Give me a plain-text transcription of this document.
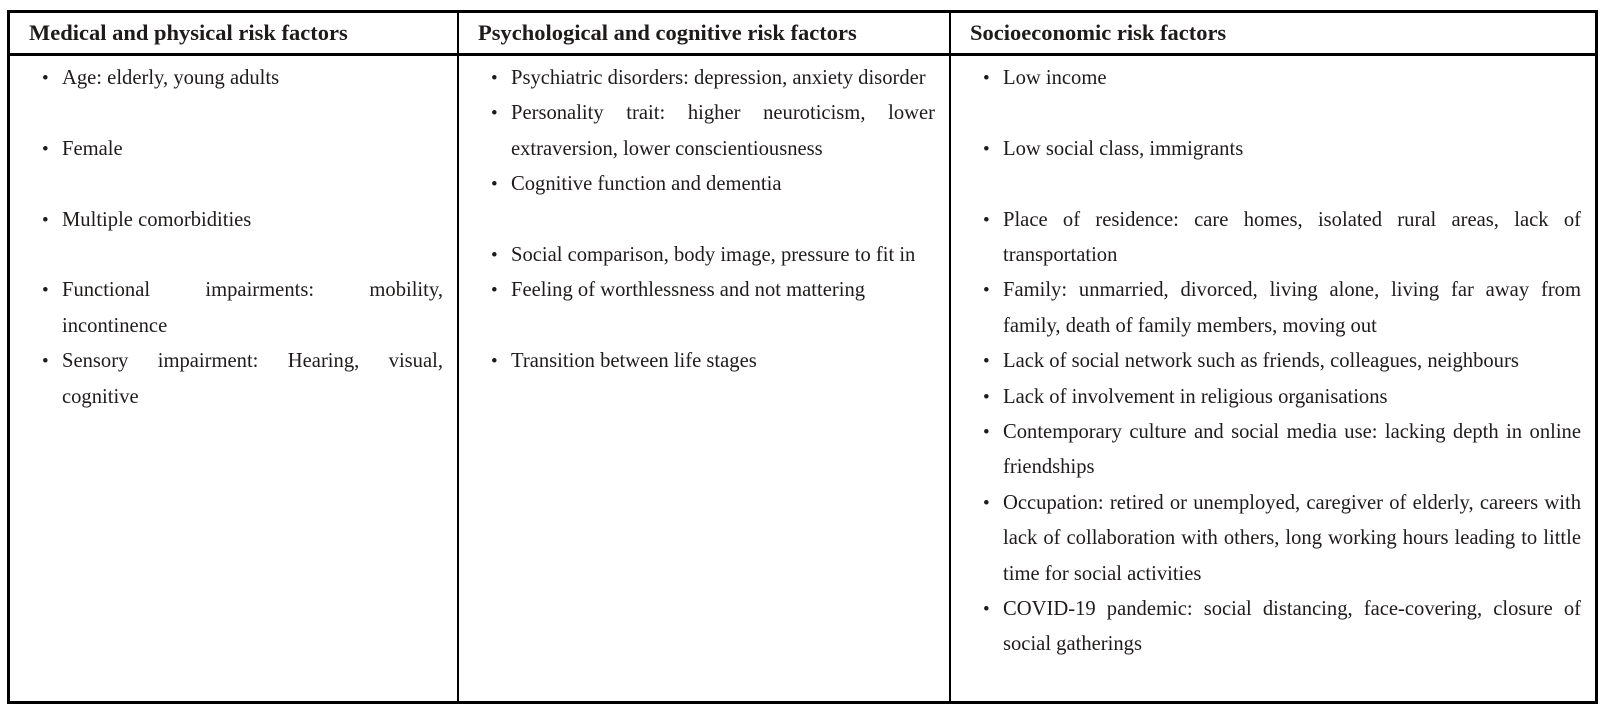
Medical and physical risk factors	Psychological and cognitive risk factors	Socioeconomic risk factors
• Age: elderly, young adults
• Female
• Multiple comorbidities
• Functional impairments: mobility, incontinence
• Sensory impairment: Hearing, visual, cognitive
• Psychiatric disorders: depression, anxiety disorder
• Personality trait: higher neuroticism, lower extraversion, lower conscientiousness
• Cognitive function and dementia
• Social comparison, body image, pressure to fit in
• Feeling of worthlessness and not mattering
• Transition between life stages
• Low income
• Low social class, immigrants
• Place of residence: care homes, isolated rural areas, lack of transportation
• Family: unmarried, divorced, living alone, living far away from family, death of family members, moving out
• Lack of social network such as friends, colleagues, neighbours
• Lack of involvement in religious organisations
• Contemporary culture and social media use: lacking depth in online friendships
• Occupation: retired or unemployed, caregiver of elderly, careers with lack of collaboration with others, long working hours leading to little time for social activities
• COVID-19 pandemic: social distancing, face-covering, closure of social gatherings
